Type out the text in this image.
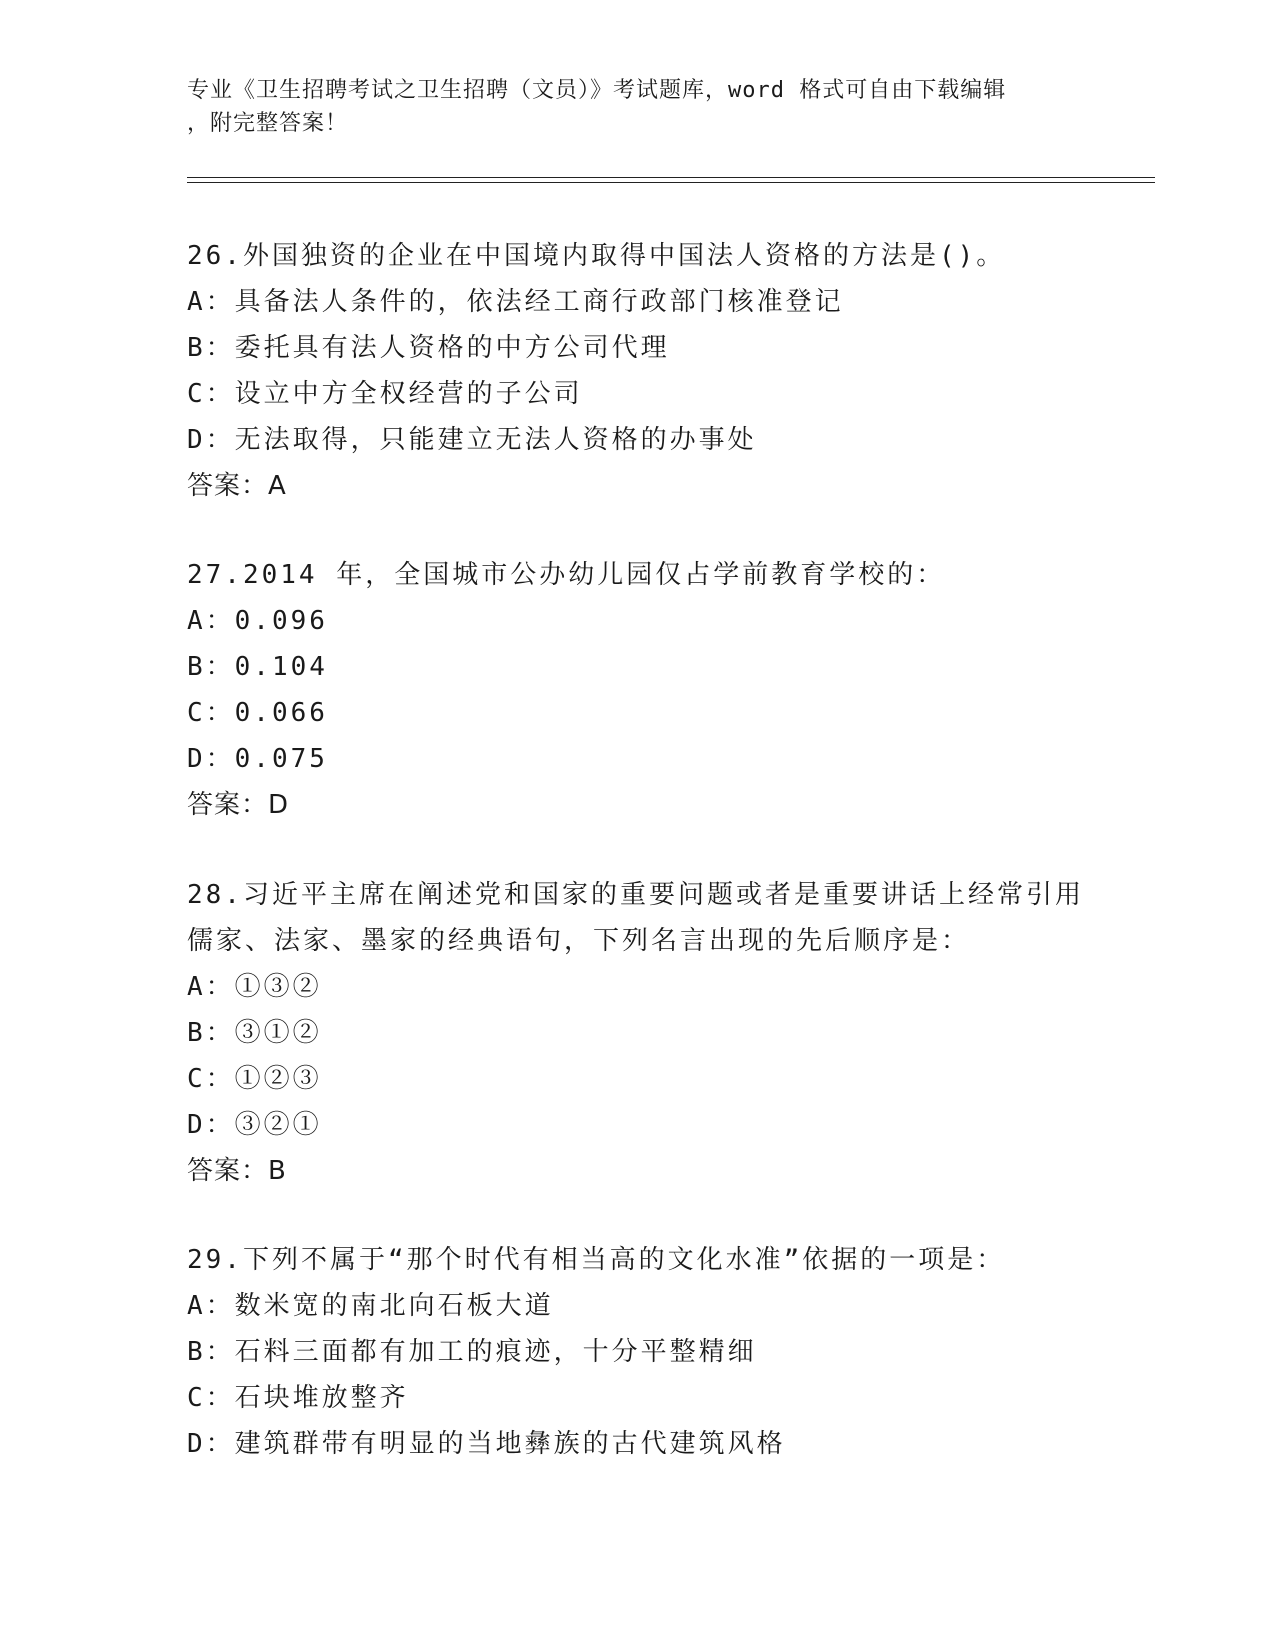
专业《卫生招聘考试之卫生招聘（文员）》考试题库，word 格式可自由下载编辑
，附完整答案！
26.外国独资的企业在中国境内取得中国法人资格的方法是()。
A：具备法人条件的，依法经工商行政部门核准登记
B：委托具有法人资格的中方公司代理
C：设立中方全权经营的子公司
D：无法取得，只能建立无法人资格的办事处
答案：A
27.2014 年，全国城市公办幼儿园仅占学前教育学校的：
A：0.096
B：0.104
C：0.066
D：0.075
答案：D
28.习近平主席在阐述党和国家的重要问题或者是重要讲话上经常引用
儒家、法家、墨家的经典语句，下列名言出现的先后顺序是：
A：①③②
B：③①②
C：①②③
D：③②①
答案：B
29.下列不属于“那个时代有相当高的文化水准”依据的一项是：
A：数米宽的南北向石板大道
B：石料三面都有加工的痕迹，十分平整精细
C：石块堆放整齐
D：建筑群带有明显的当地彝族的古代建筑风格
